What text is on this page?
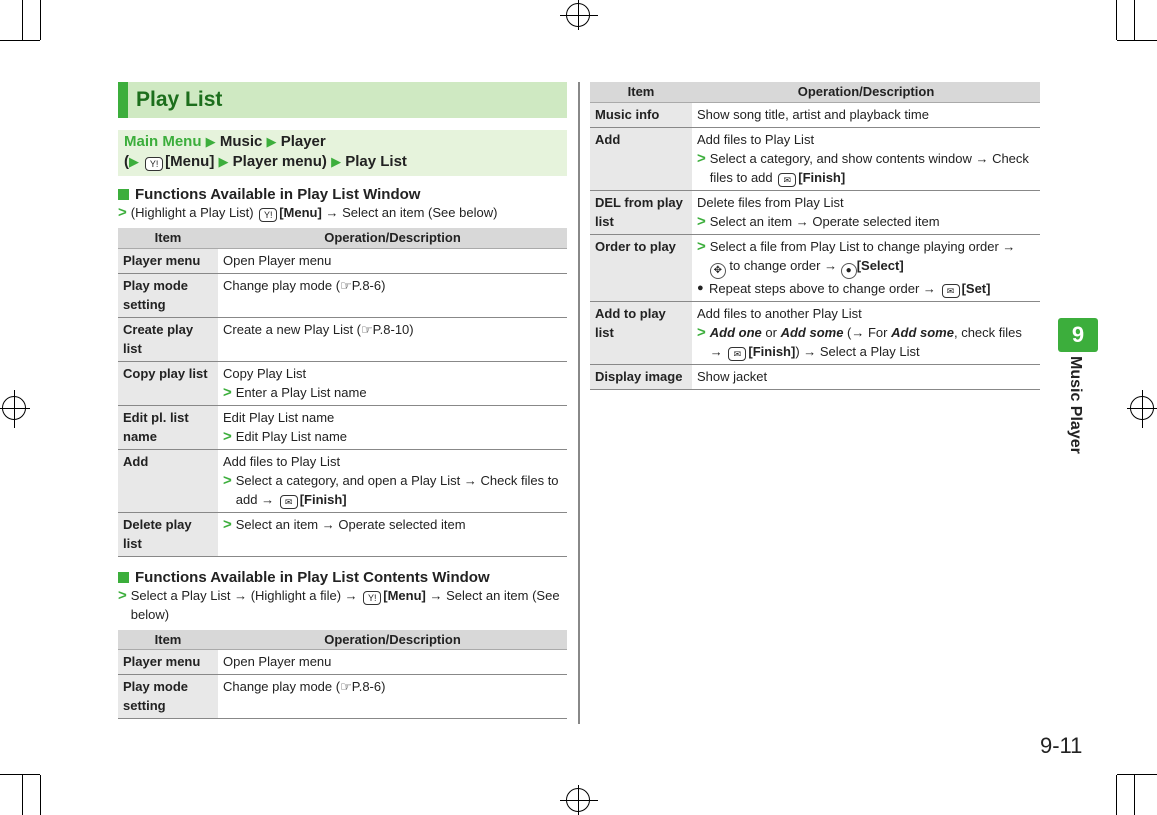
Play List
Main Menu ▶ Music ▶ Player
(▶ Y! [Menu] ▶ Player menu) ▶ Play List
Functions Available in Play List Window
> (Highlight a Play List) Y! [Menu] → Select an item (See below)
Item	Operation/Description
Player menu	Open Player menu
Play mode setting	Change play mode (☞P.8-6)
Create play list	Create a new Play List (☞P.8-10)
Copy play list	Copy Play List
> Enter a Play List name

Edit pl. list name	Edit Play List name
> Edit Play List name

Add	Add files to Play List
> Select a category, and open a Play List → Check files to add → ✉ [Finish]

Delete play list	> Select an item → Operate selected item
Functions Available in Play List Contents Window
> Select a Play List → (Highlight a file) → Y! [Menu] → Select an item (See below)
Item	Operation/Description
Player menu	Open Player menu
Play mode setting	Change play mode (☞P.8-6)
Item	Operation/Description
Music info	Show song title, artist and playback time
Add	Add files to Play List
> Select a category, and show contents window → Check files to add ✉ [Finish]

DEL from play list	Delete files from Play List
> Select an item → Operate selected item

Order to play	> Select a file from Play List to change playing order →
✥ to change order → ● [Select]
● Repeat steps above to change order → ✉ [Set]

Add to play list	Add files to another Play List
> Add one or Add some (→ For Add some, check files → ✉ [Finish]) → Select a Play List

Display image	Show jacket
9
Music Player
9-11
